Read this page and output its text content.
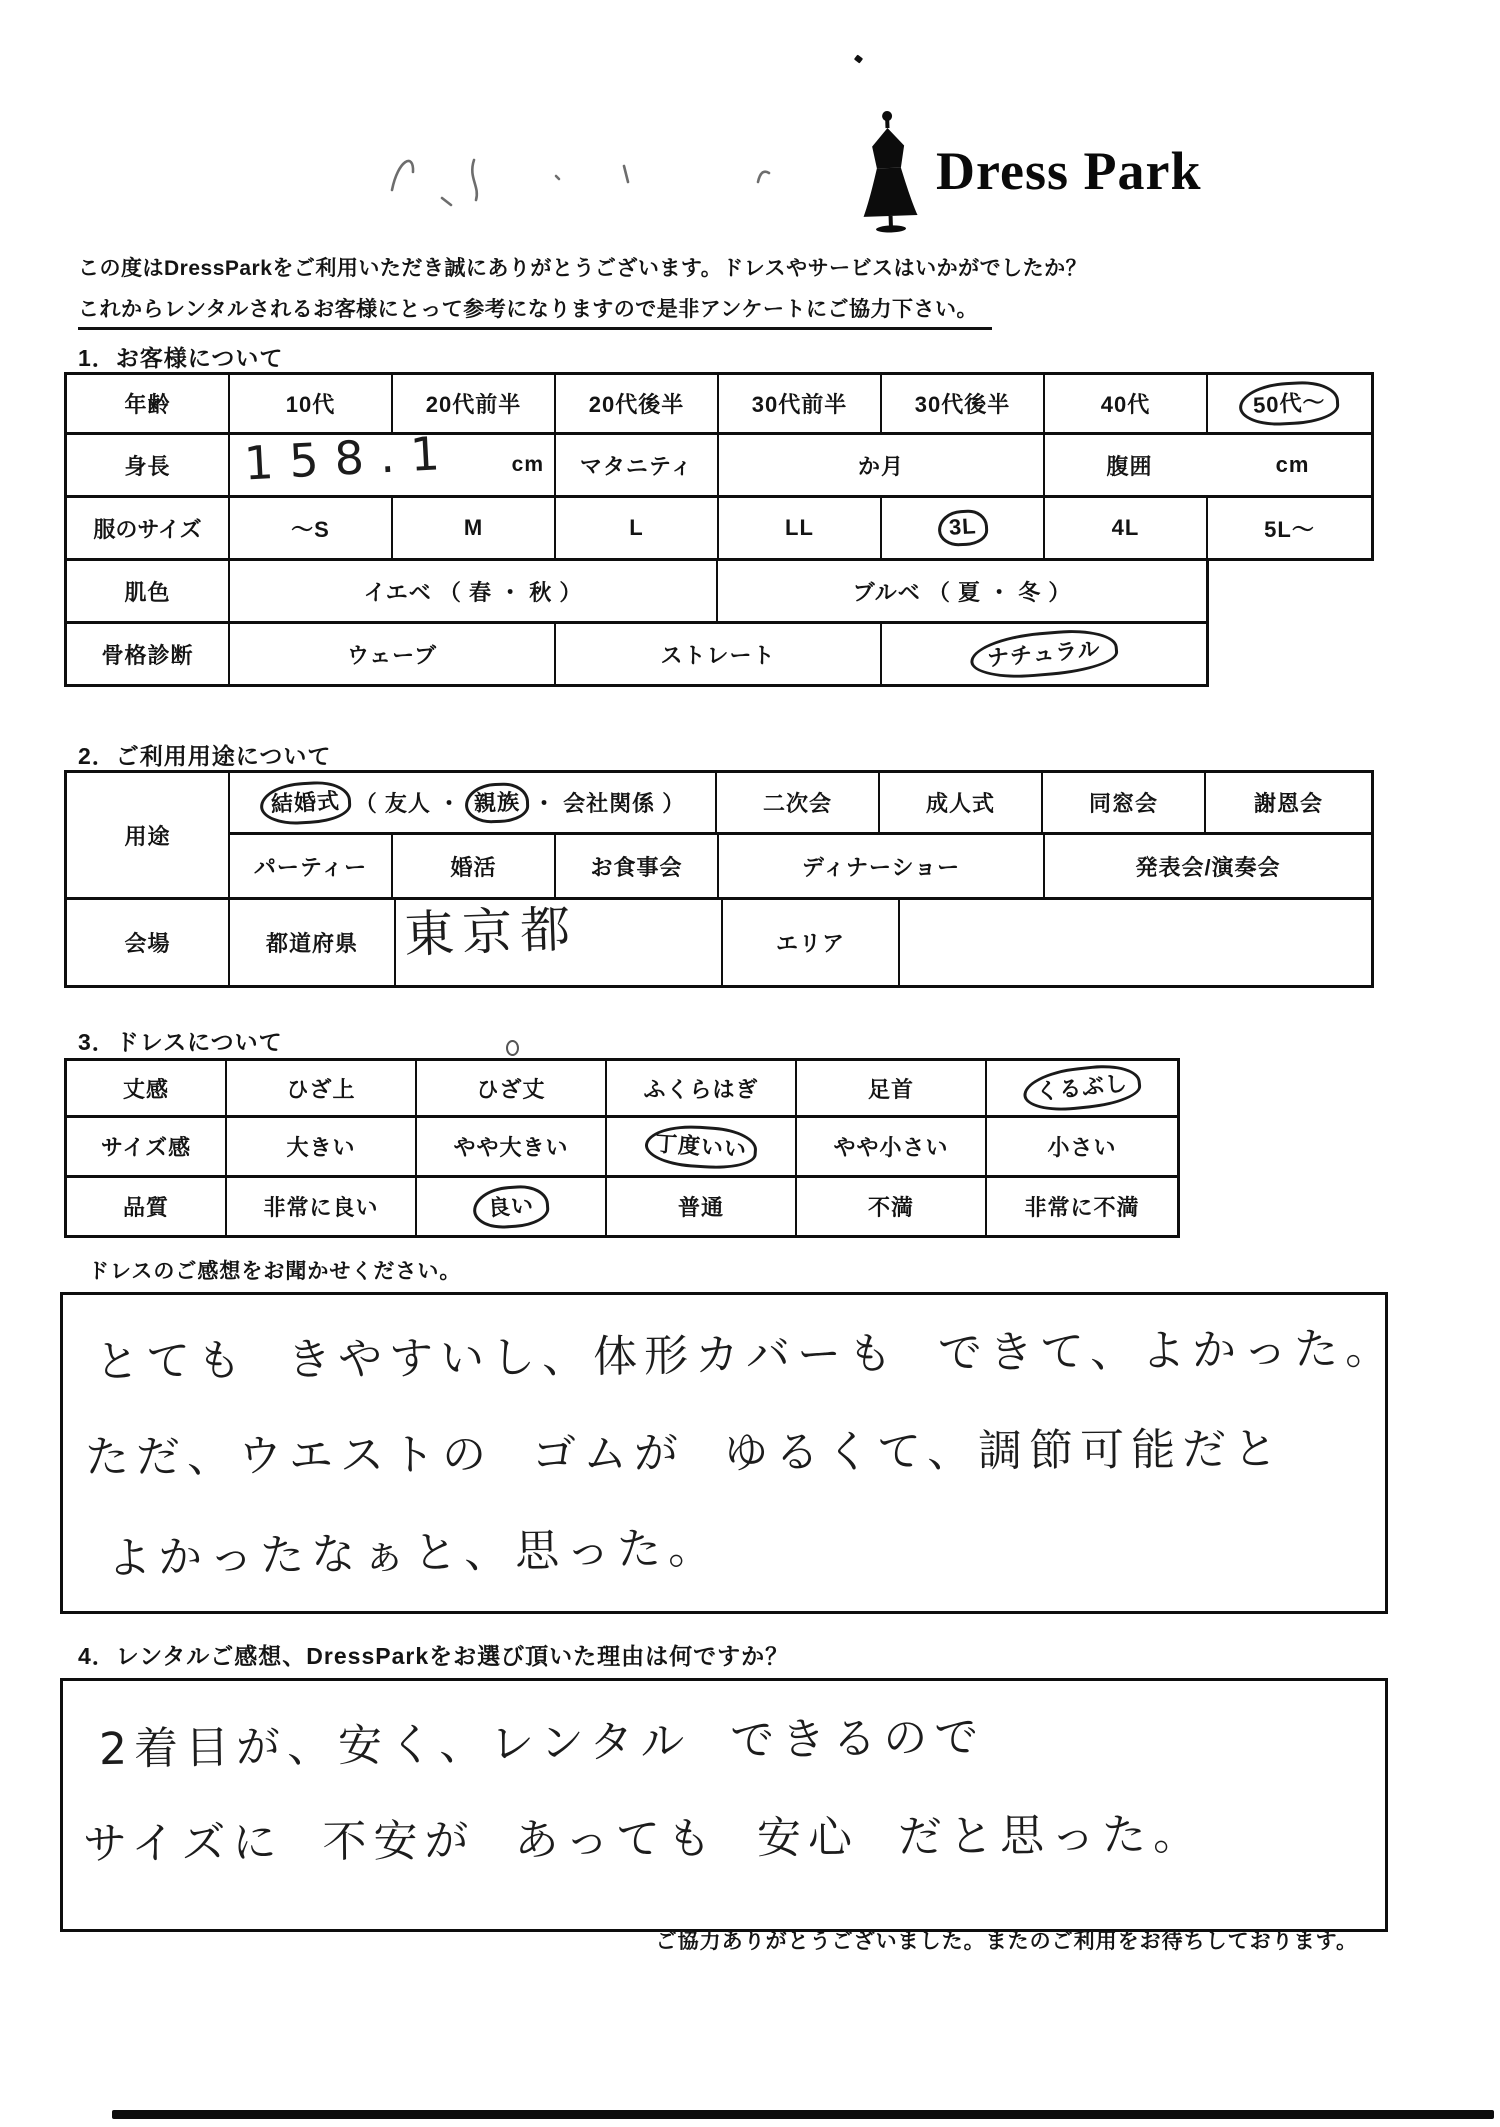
Dress Park
この度はDressParkをご利用いただき誠にありがとうございます。ドレスやサービスはいかがでしたか？
これからレンタルされるお客様にとって参考になりますので是非アンケートにご協力下さい。
1．お客様について
年齢	10代	20代前半	20代後半	30代前半	30代後半	40代	50代～
身長	158.1	cm	マタニティ	か月	腹囲	cm
服のサイズ	～S	M	L	LL	3L	4L	5L～
肌色	イエベ （ 春 ・ 秋 ）	ブルベ （ 夏 ・ 冬 ）
骨格診断	ウェーブ	ストレート	ナチュラル
2．ご利用用途について
用途
結婚式 （ 友人 ・ 親族 ・ 会社関係 ）	二次会	成人式	同窓会	謝恩会
パーティー	婚活	お食事会	ディナーショー	発表会/演奏会
会場	都道府県 東京都	エリア
3．ドレスについて
丈感	ひざ上	ひざ丈	ふくらはぎ	足首	くるぶし
サイズ感	大きい	やや大きい	丁度いい	やや小さい	小さい
品質	非常に良い	良い	普通	不満	非常に不満
ドレスのご感想をお聞かせください。
とても きやすいし、体形カバーも できて、よかった。
ただ、ウエストの ゴムが ゆるくて、調節可能だと
よかったなぁと、思った。
4．レンタルご感想、DressParkをお選び頂いた理由は何ですか？
2着目が、安く、レンタル できるので
サイズに 不安が あっても 安心 だと思った。
ご協力ありがとうございました。またのご利用をお待ちしております。
